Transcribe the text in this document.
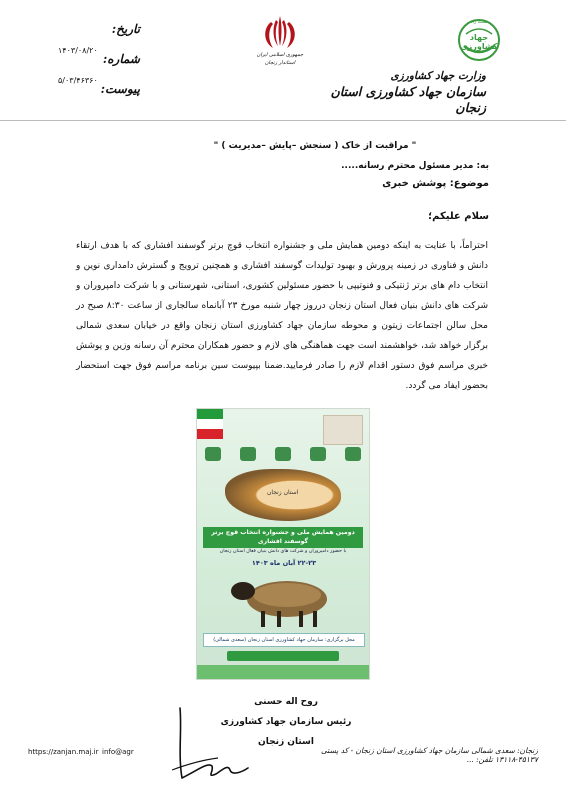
تاریخ:
شماره:
پیوست:
۱۴۰۳/۰۸/۲۰
۵/۰۳/۴۶۳۶۰
جمهوری اسلامی ایران
استاندار زنجان
نقشه راه
جهاد کشاورزی
وزارت جهاد کشاورزی
سازمان جهاد کشاورزی استان زنجان
" مراقبت از خاک ( سنجش –پایش –مدیریت ) "
به: مدیر مسئول محترم رسانه.....
موضوع: پوشش خبری
سلام علیکم؛
احتراماً، با عنایت به اینکه دومین همایش ملی و جشنواره انتخاب قوچ برتر گوسفند افشاری که با هدف ارتقاء دانش و فناوری در زمینه پرورش و بهبود تولیدات گوسفند افشاری و همچنین ترویج و گسترش دامداری نوین و انتخاب دام های برتر ژنتیکی و فنوتیپی با حضور مسئولین کشوری، استانی، شهرستانی و با شرکت دامپروران و شرکت های دانش بنیان فعال استان زنجان درروز چهار شنبه مورخ ۲۳ آبانماه سالجاری از ساعت ۸:۳۰ صبح در محل سالن اجتماعات زیتون و محوطه سازمان جهاد کشاورزی استان زنجان واقع در خیابان سعدی شمالی برگزار خواهد شد، خواهشمند است جهت هماهنگی های لازم و حضور همکاران محترم آن رسانه وزین و پوشش خبری مراسم فوق دستور اقدام لازم را صادر فرمایید.ضمنا بپیوست سین برنامه مراسم فوق جهت استحضار بحضور ایفاد می گردد.
استان زنجان
دومین همایش ملی و جشنواره انتخاب قوچ برتر گوسفند افشاری
با حضور دامپروران و شرکت های دانش بنیان فعال استان زنجان
۲۲-۲۳ آبان ماه ۱۴۰۳
محل برگزاری: سازمان جهاد کشاورزی استان زنجان (سعدی شمالی)
روح اله حسنی
رئیس سازمان جهاد کشاورزی استان زنجان
https://zanjan.maj.ir info@agr	زنجان: سعدی شمالی سازمان جهاد کشاورزی استان زنجان - کد پستی ۴۵۱۳۷-۱۳۱۱۸ تلفن: ...
